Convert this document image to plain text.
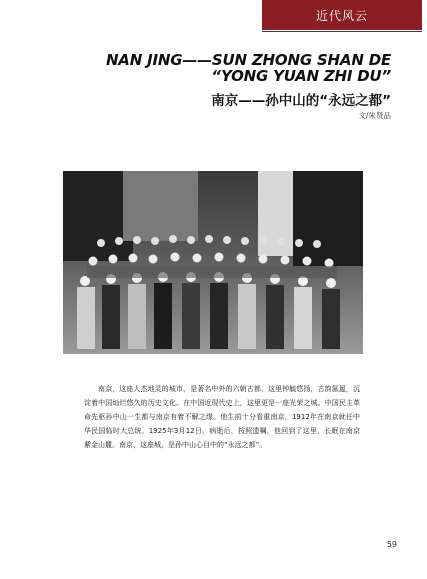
近代风云
NAN JING——SUN ZHONG SHAN DE
“YONG YUAN ZHI DU”
南京——孙中山的“永远之都”
文/朱贤品
南京，这座人杰地灵的城市，是著名中外的六朝古都，这里钟毓悠扬，古韵氤氲，沉淀着中国灿烂悠久的历史文化。在中国近现代史上，这里更是一座光荣之城。中国民主革命先驱孙中山一生都与南京有着不解之缘。他生前十分看重南京，1912年在南京就任中华民国临时大总统。1925年3月12日，病逝后，按照遗嘱，他回到了这里，长眠在南京紫金山麓。南京，这座城，是孙中山心目中的“永远之都”。
59
